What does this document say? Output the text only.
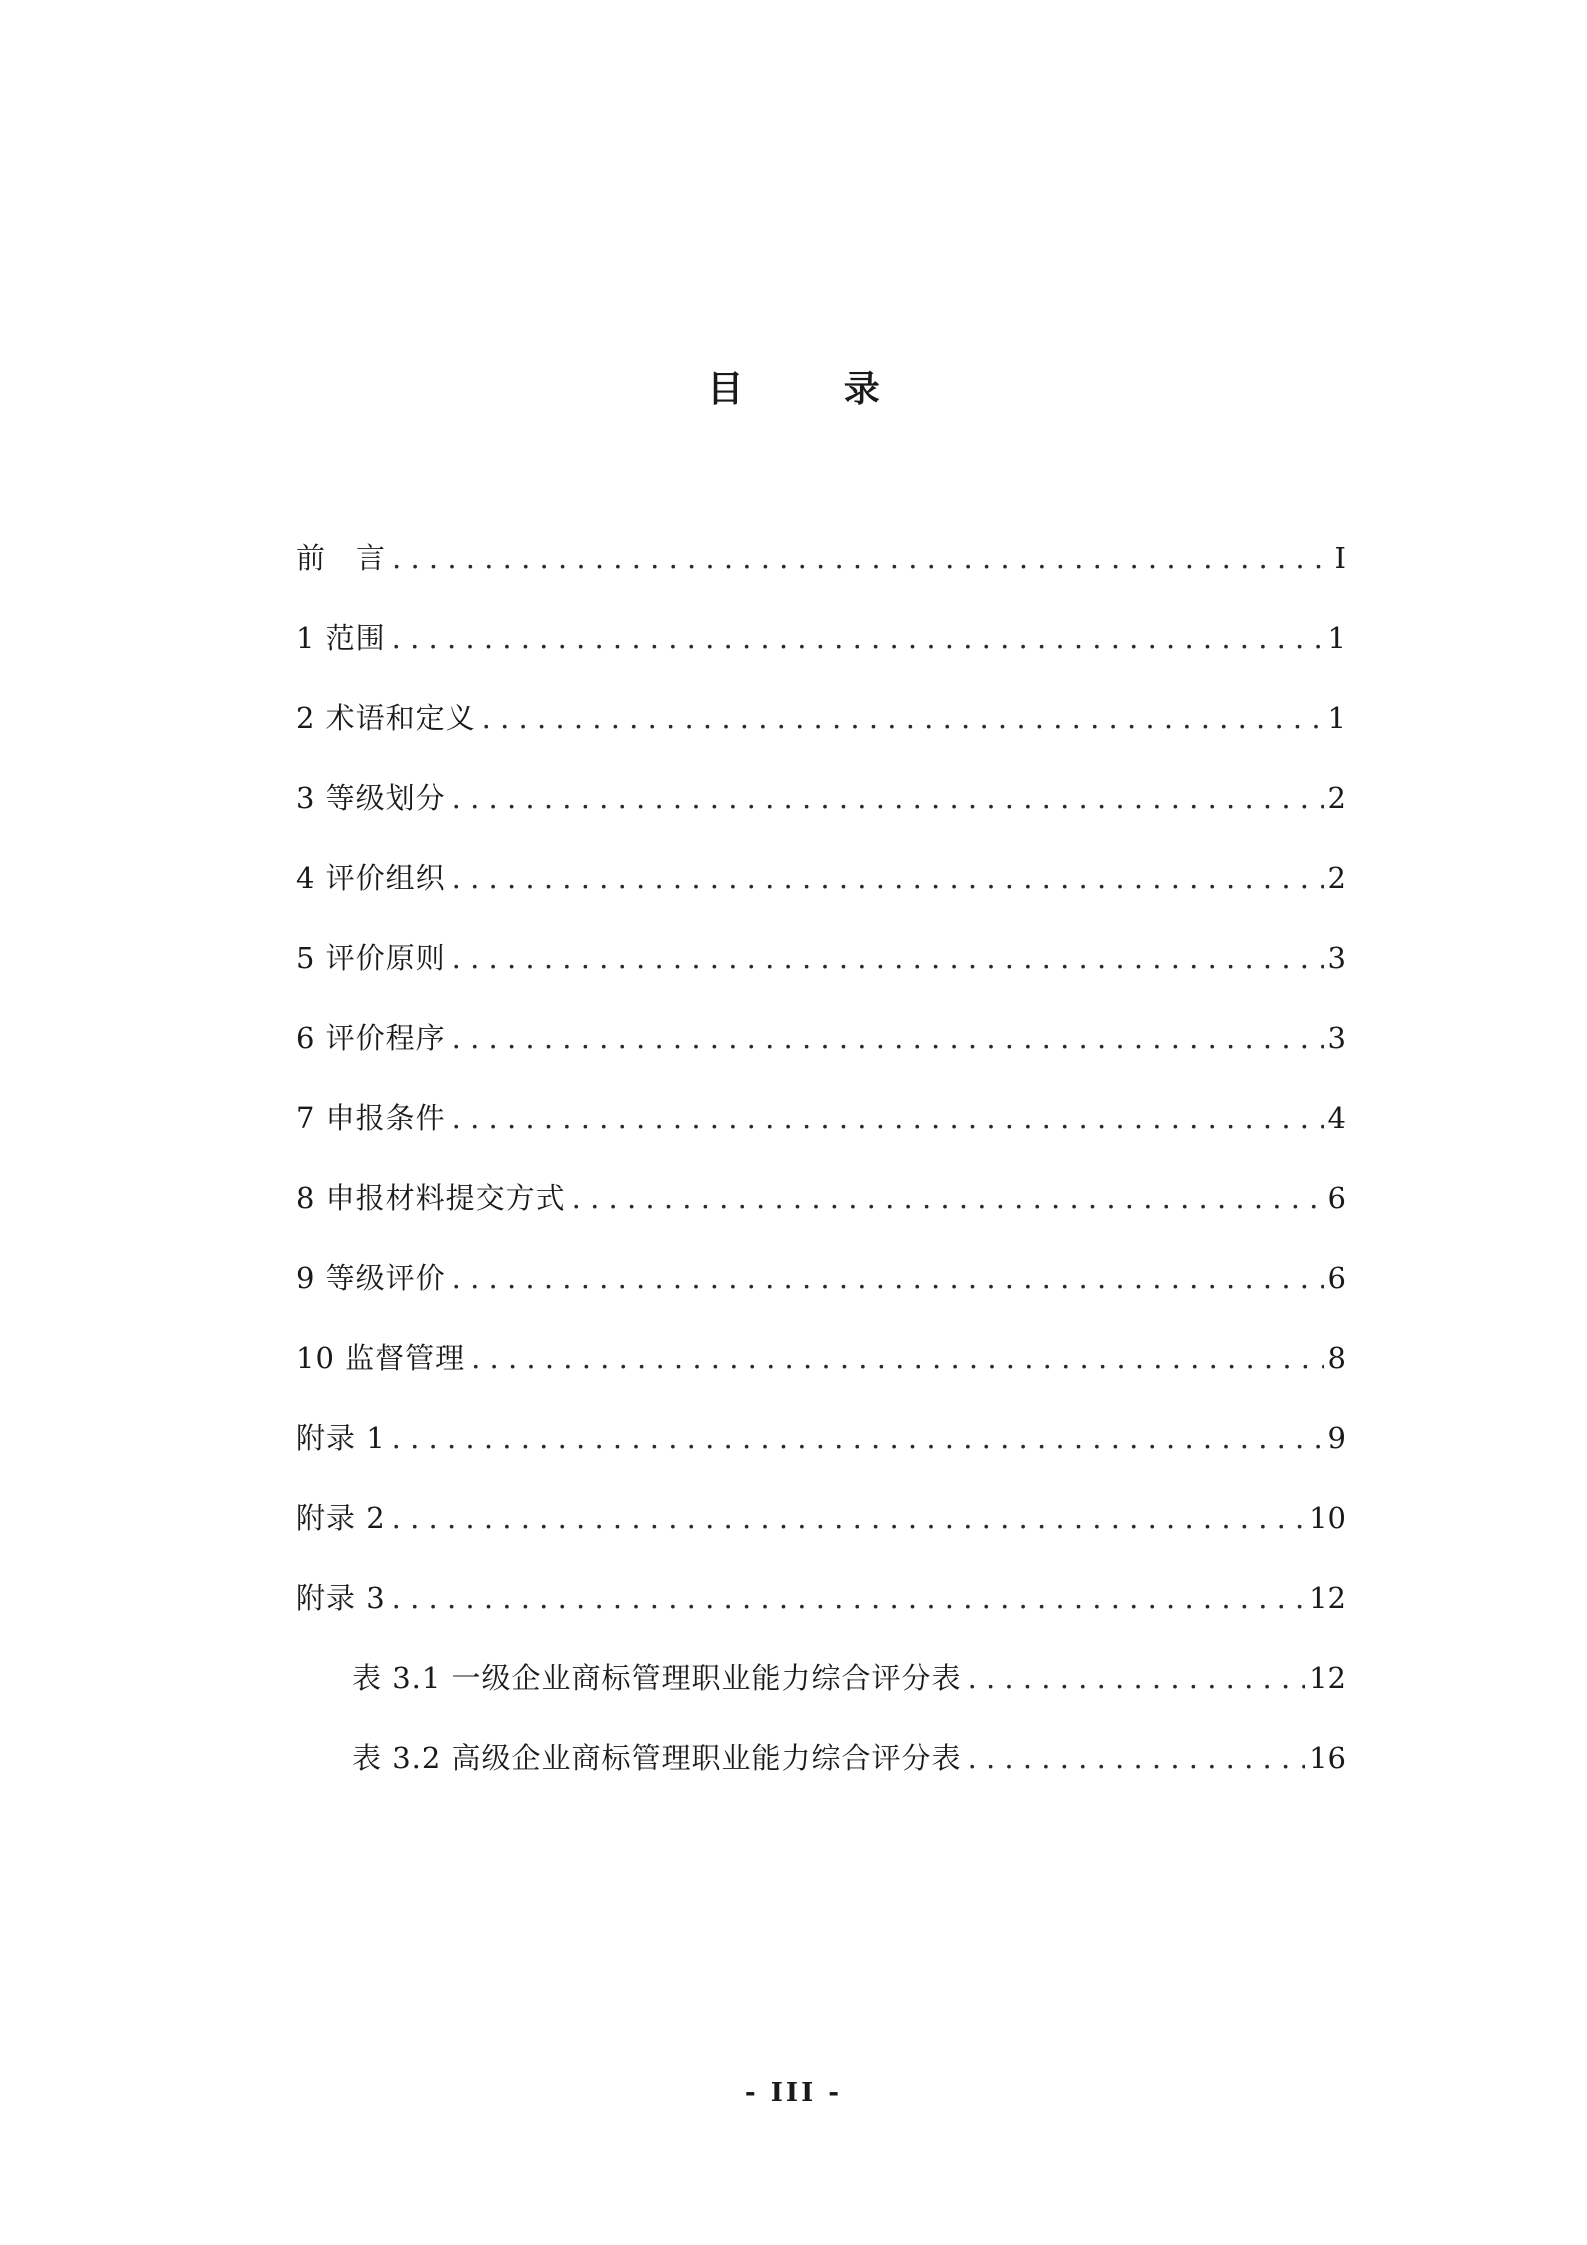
目 录
前　言 . . .	I
1 范围 . . .	1
2 术语和定义 . . .	1
3 等级划分 . . .	2
4 评价组织 . . .	2
5 评价原则 . . .	3
6 评价程序 . . .	3
7 申报条件 . . .	4
8 申报材料提交方式 . . .	6
9 等级评价 . . .	6
10 监督管理 . . .	8
附录 1 . . .	9
附录 2 . . .	10
附录 3 . . .	12
表 3.1 一级企业商标管理职业能力综合评分表 . . .	12
表 3.2 高级企业商标管理职业能力综合评分表 . . .	16
- III -
